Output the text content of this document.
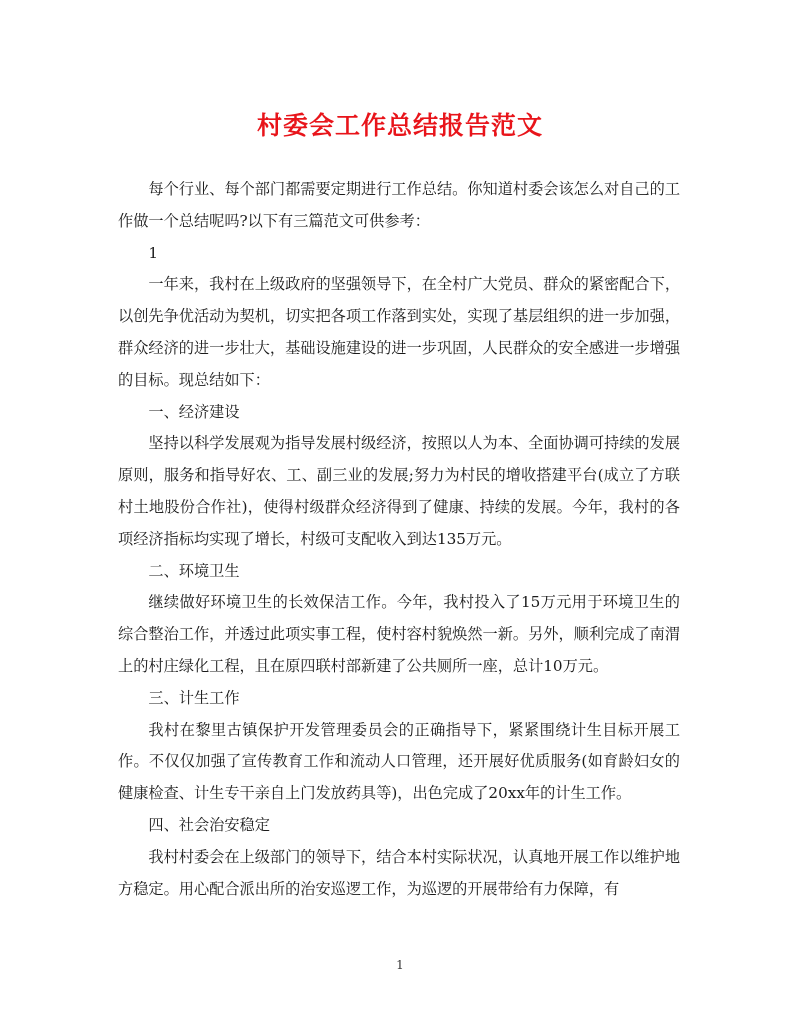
村委会工作总结报告范文

每个行业、每个部门都需要定期进行工作总结。你知道村委会该怎么对自己的工作做一个总结呢吗?以下有三篇范文可供参考：

1

一年来，我村在上级政府的坚强领导下，在全村广大党员、群众的紧密配合下，以创先争优活动为契机，切实把各项工作落到实处，实现了基层组织的进一步加强，群众经济的进一步壮大，基础设施建设的进一步巩固，人民群众的安全感进一步增强的目标。现总结如下：

一、经济建设

坚持以科学发展观为指导发展村级经济，按照以人为本、全面协调可持续的发展原则，服务和指导好农、工、副三业的发展;努力为村民的增收搭建平台(成立了方联村土地股份合作社)，使得村级群众经济得到了健康、持续的发展。今年，我村的各项经济指标均实现了增长，村级可支配收入到达135万元。

二、环境卫生

继续做好环境卫生的长效保洁工作。今年，我村投入了15万元用于环境卫生的综合整治工作，并透过此项实事工程，使村容村貌焕然一新。另外，顺利完成了南渭上的村庄绿化工程，且在原四联村部新建了公共厕所一座，总计10万元。

三、计生工作

我村在黎里古镇保护开发管理委员会的正确指导下，紧紧围绕计生目标开展工作。不仅仅加强了宣传教育工作和流动人口管理，还开展好优质服务(如育龄妇女的健康检查、计生专干亲自上门发放药具等)，出色完成了20xx年的计生工作。

四、社会治安稳定

我村村委会在上级部门的领导下，结合本村实际状况，认真地开展工作以维护地方稳定。用心配合派出所的治安巡逻工作，为巡逻的开展带给有力保障，有

1
